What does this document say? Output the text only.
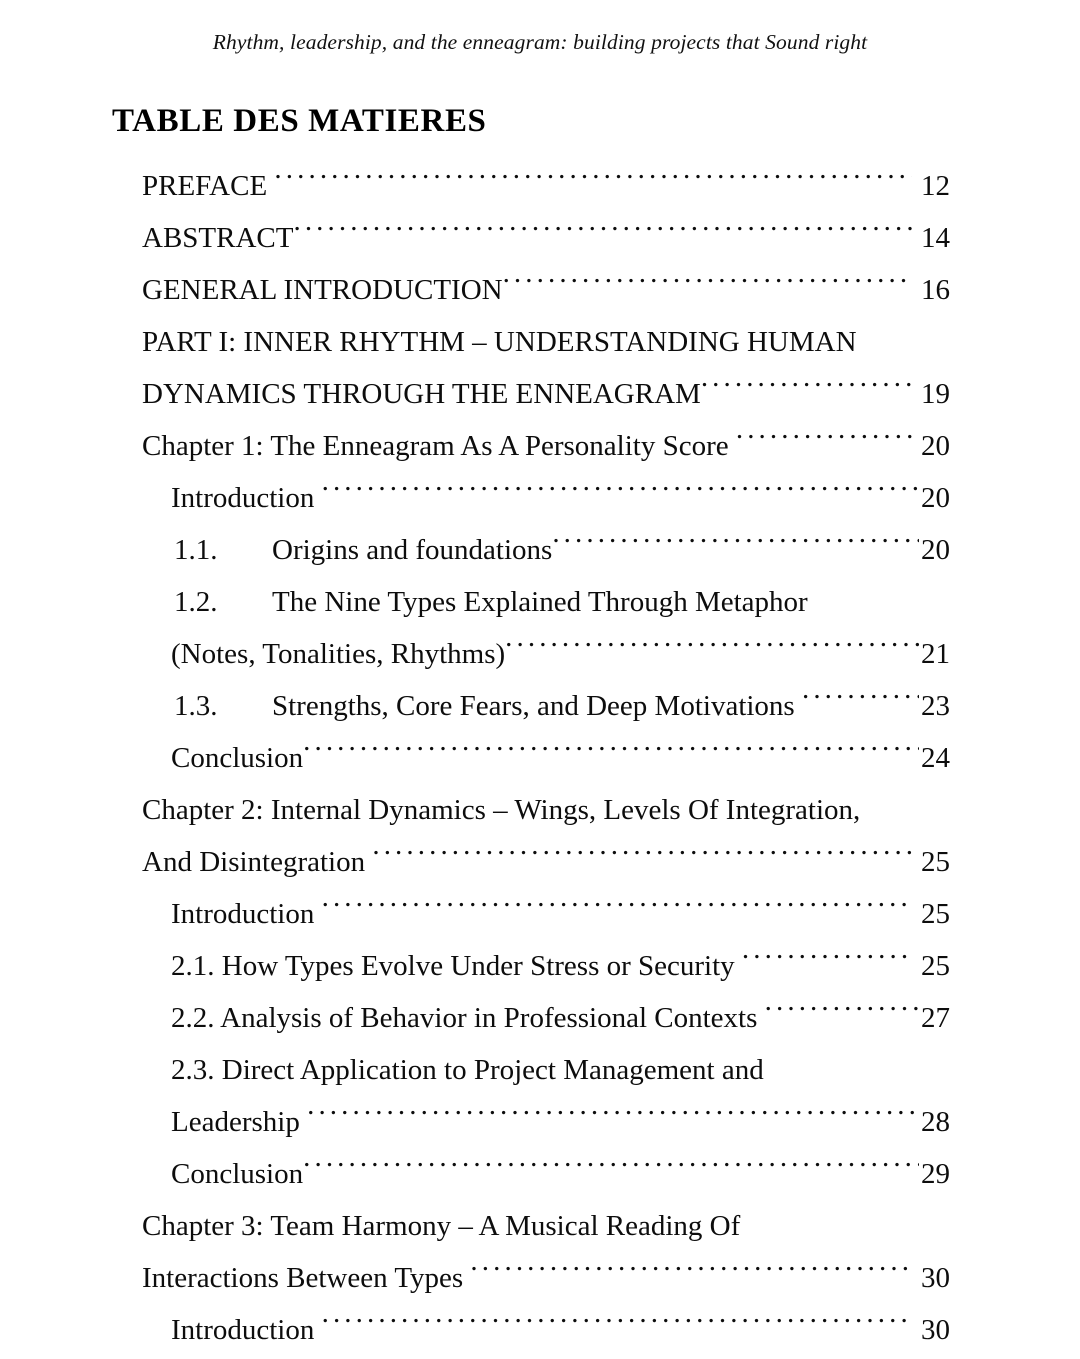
Rhythm, leadership, and the enneagram: building projects that Sound right
TABLE DES MATIERES
PREFACE .....	12
ABSTRACT .....	14
GENERAL INTRODUCTION .....	16
PART I: INNER RHYTHM – UNDERSTANDING HUMAN
DYNAMICS THROUGH THE ENNEAGRAM .....	19
Chapter 1: The Enneagram As A Personality Score .....	20
Introduction .....	20
1.1.	Origins and foundations .....	20
1.2.	The Nine Types Explained Through Metaphor
(Notes, Tonalities, Rhythms) .....	21
1.3.	Strengths, Core Fears, and Deep Motivations .....	23
Conclusion .....	24
Chapter 2: Internal Dynamics – Wings, Levels Of Integration,
And Disintegration .....	25
Introduction .....	25
2.1. How Types Evolve Under Stress or Security .....	25
2.2. Analysis of Behavior in Professional Contexts .....	27
2.3. Direct Application to Project Management and
Leadership .....	28
Conclusion .....	29
Chapter 3: Team Harmony – A Musical Reading Of
Interactions Between Types .....	30
Introduction .....	30
